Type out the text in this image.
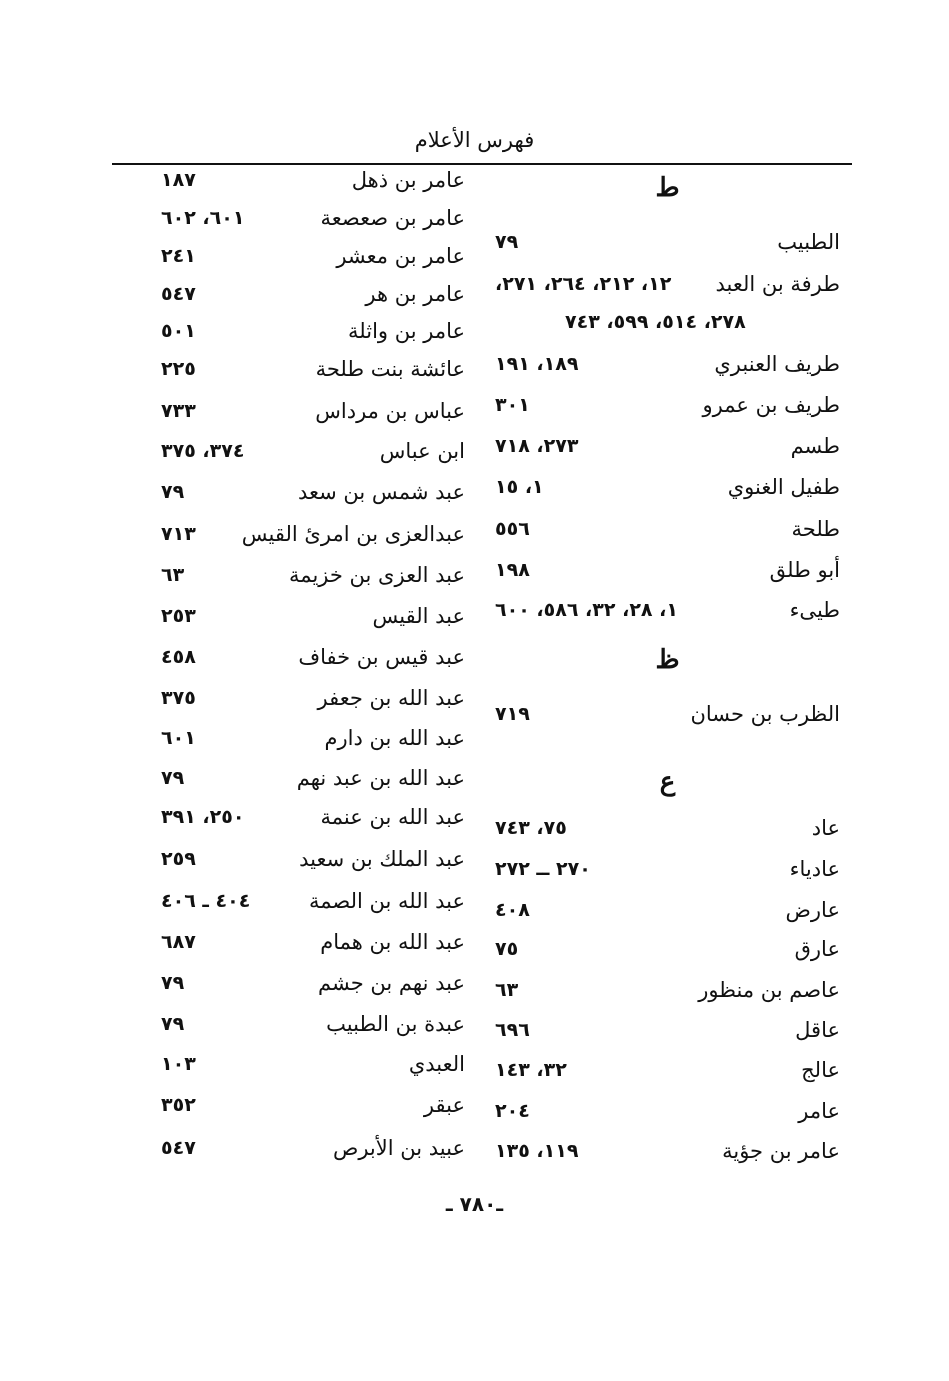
فهرس الأعلام
ط
الطبيب
٧٩
طرفة بن العبد
١٢، ٢١٢، ٢٦٤، ٢٧١،
٢٧٨، ٥١٤، ٥٩٩، ٧٤٣
طريف العنبري
١٨٩، ١٩١
طريف بن عمرو
٣٠١
طسم
٢٧٣، ٧١٨
طفيل الغنوي
١، ١٥
طلحة
٥٥٦
أبو طلق
١٩٨
طيىء
١، ٢٨، ٣٢، ٥٨٦، ٦٠٠
ظ
الظرب بن حسان
٧١٩
ع
عاد
٧٥، ٧٤٣
عادياء
٢٧٠ ــ ٢٧٢
عارض
٤٠٨
عارق
٧٥
عاصم بن منظور
٦٣
عاقل
٦٩٦
عالج
٣٢، ١٤٣
عامر
٢٠٤
عامر بن جؤية
١١٩، ١٣٥
عامر بن ذهل
١٨٧
عامر بن صعصعة
٦٠١، ٦٠٢
عامر بن معشر
٢٤١
عامر بن هر
٥٤٧
عامر بن واثلة
٥٠١
عائشة بنت طلحة
٢٢٥
عباس بن مرداس
٧٣٣
ابن عباس
٣٧٤، ٣٧٥
عبد شمس بن سعد
٧٩
عبدالعزى بن امرئ القيس
٧١٣
عبد العزى بن خزيمة
٦٣
عبد القيس
٢٥٣
عبد قيس بن خفاف
٤٥٨
عبد الله بن جعفر
٣٧٥
عبد الله بن دارم
٦٠١
عبد الله بن عبد نهم
٧٩
عبد الله بن عنمة
٢٥٠، ٣٩١
عبد الملك بن سعيد
٢٥٩
عبد الله بن الصمة
٤٠٤ ـ ٤٠٦
عبد الله بن همام
٦٨٧
عبد نهم بن جشم
٧٩
عبدة بن الطبيب
٧٩
العبدي
١٠٣
عبقر
٣٥٢
عبيد بن الأبرص
٥٤٧
ـ٧٨٠ ـ
